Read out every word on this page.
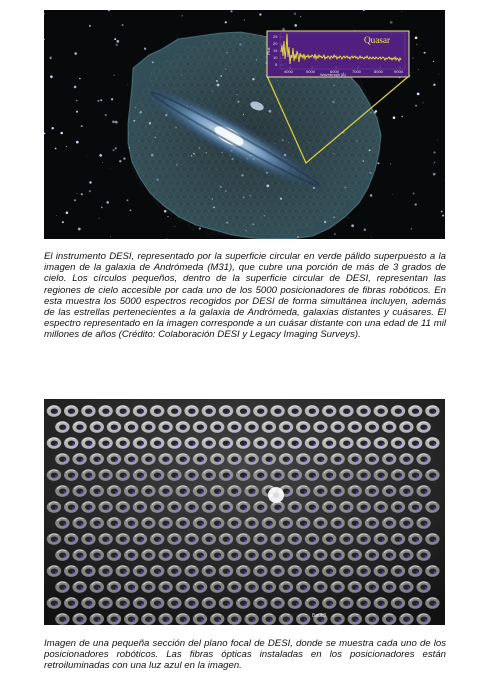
25
20
15
10
5
4000	5000	6000	7000	8000	9000
Wavelength [Å]
Flux
Quasar

El instrumento DESI, representado por la superficie circular en verde pálido superpuesto a la imagen de la galaxia de Andrómeda (M31), que cubre una porción de más de 3 grados de cielo. Los círculos pequeños, dentro de la superficie circular de DESI, representan las regiones de cielo accesible por cada uno de los 5000 posicionadores de fibras robóticos. En esta muestra los 5000 espectros recogidos por DESI de forma simultánea incluyen, además de las estrellas pertenecientes a la galaxia de Andrómeda, galaxias distantes y cuásares. El espectro representado en la imagen corresponde a un cuásar distante con una edad de 11 mil millones de años (Crédito: Colaboración DESI y Legacy Imaging Surveys).

Book3

Imagen de una pequeña sección del plano focal de DESI, donde se muestra cada uno de los posicionadores robóticos. Las fibras ópticas instaladas en los posicionadores están retroiluminadas con una luz azul en la imagen.
